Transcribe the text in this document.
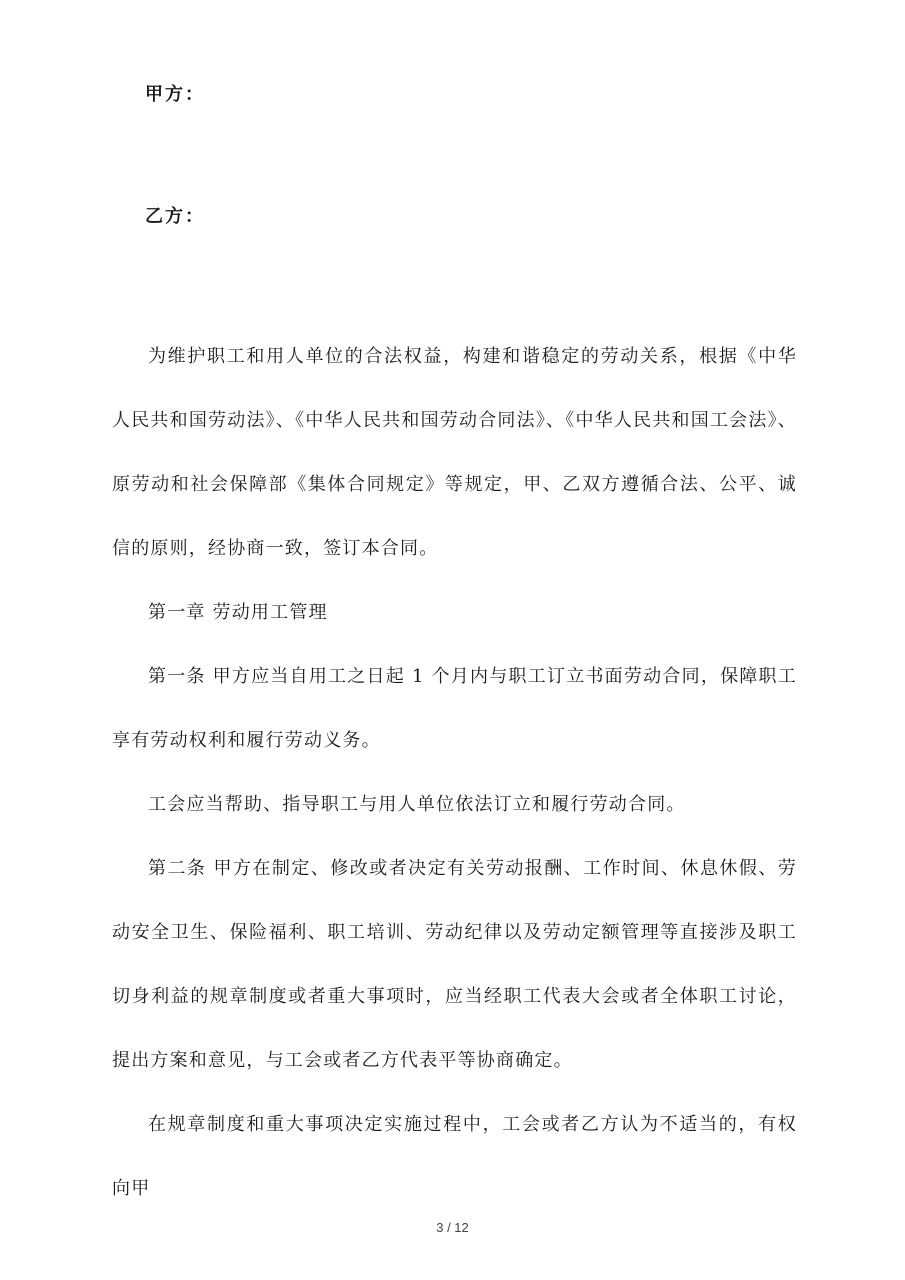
甲方：

乙方：

为维护职工和用人单位的合法权益，构建和谐稳定的劳动关系，根据《中华人民共和国劳动法》、《中华人民共和国劳动合同法》、《中华人民共和国工会法》、原劳动和社会保障部《集体合同规定》等规定，甲、乙双方遵循合法、公平、诚信的原则，经协商一致，签订本合同。

第一章 劳动用工管理

第一条 甲方应当自用工之日起 1 个月内与职工订立书面劳动合同，保障职工享有劳动权利和履行劳动义务。

工会应当帮助、指导职工与用人单位依法订立和履行劳动合同。

第二条 甲方在制定、修改或者决定有关劳动报酬、工作时间、休息休假、劳动安全卫生、保险福利、职工培训、劳动纪律以及劳动定额管理等直接涉及职工切身利益的规章制度或者重大事项时，应当经职工代表大会或者全体职工讨论，提出方案和意见，与工会或者乙方代表平等协商确定。

在规章制度和重大事项决定实施过程中，工会或者乙方认为不适当的，有权向甲

3 / 12
